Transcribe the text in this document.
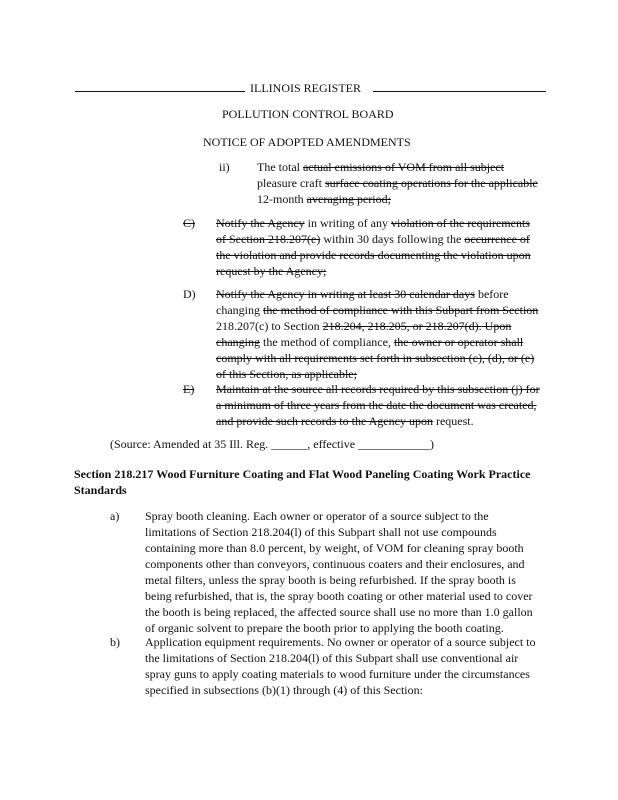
ILLINOIS REGISTER
POLLUTION CONTROL BOARD
NOTICE OF ADOPTED AMENDMENTS
ii) The total actual emissions of VOM from all subject
pleasure craft surface coating operations for the applicable
12-month averaging period;
C) Notify the Agency in writing of any violation of the requirements
of Section 218.207(e) within 30 days following the occurrence of
the violation and provide records documenting the violation upon
request by the Agency;
D) Notify the Agency in writing at least 30 calendar days before
changing the method of compliance with this Subpart from Section
218.207(c) to Section 218.204, 218.205, or 218.207(d). Upon
changing the method of compliance, the owner or operator shall
comply with all requirements set forth in subsection (c), (d), or (e)
of this Section, as applicable;
E) Maintain at the source all records required by this subsection (j) for
a minimum of three years from the date the document was created,
and provide such records to the Agency upon request.
(Source: Amended at 35 Ill. Reg. ______, effective ____________)
Section 218.217 Wood Furniture Coating and Flat Wood Paneling Coating Work Practice
Standards
a) Spray booth cleaning. Each owner or operator of a source subject to the
limitations of Section 218.204(l) of this Subpart shall not use compounds
containing more than 8.0 percent, by weight, of VOM for cleaning spray booth
components other than conveyors, continuous coaters and their enclosures, and
metal filters, unless the spray booth is being refurbished. If the spray booth is
being refurbished, that is, the spray booth coating or other material used to cover
the booth is being replaced, the affected source shall use no more than 1.0 gallon
of organic solvent to prepare the booth prior to applying the booth coating.
b) Application equipment requirements. No owner or operator of a source subject to
the limitations of Section 218.204(l) of this Subpart shall use conventional air
spray guns to apply coating materials to wood furniture under the circumstances
specified in subsections (b)(1) through (4) of this Section:
